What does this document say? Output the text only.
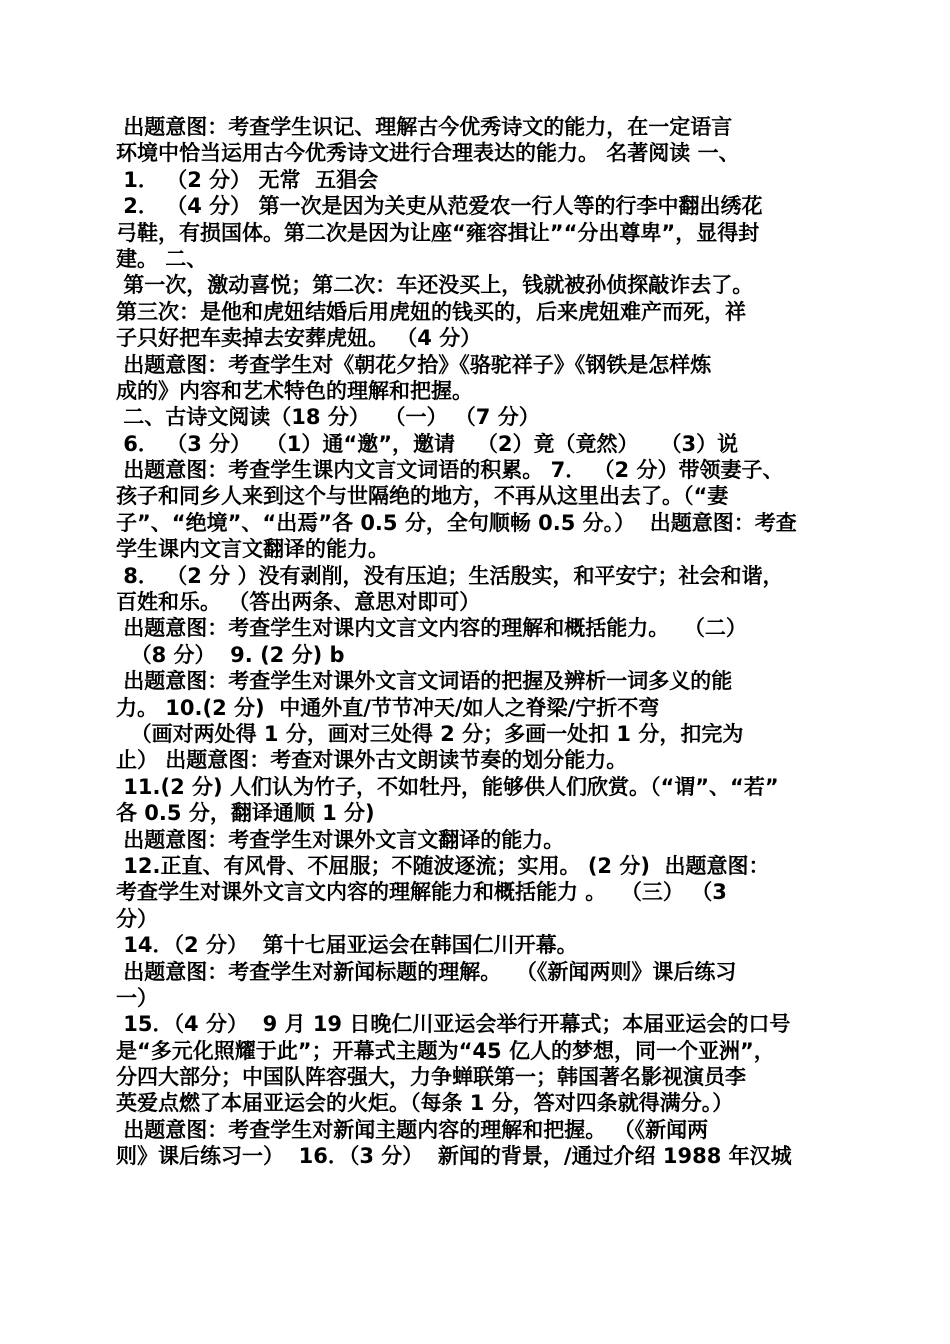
出题意图：考查学生识记、理解古今优秀诗文的能力，在一定语言
环境中恰当运用古今优秀诗文进行合理表达的能力。 名著阅读 一、
1． （2 分） 无常  五猖会
2． （4 分） 第一次是因为关吏从范爱农一行人等的行李中翻出绣花
弓鞋，有损国体。第二次是因为让座“雍容揖让”“分出尊卑”，显得封
建。 二、
第一次，激动喜悦；第二次：车还没买上，钱就被孙侦探敲诈去了。
第三次：是他和虎妞结婚后用虎妞的钱买的，后来虎妞难产而死，祥
子只好把车卖掉去安葬虎妞。 （4 分）
出题意图：考查学生对《朝花夕拾》《骆驼祥子》《钢铁是怎样炼
成的》内容和艺术特色的理解和把握。
二、古诗文阅读（18 分）  （一） （7 分）
6． （3 分）  （1）通“邀”，邀请   （2）竟（竟然）   （3）说
出题意图：考查学生课内文言文词语的积累。 7． （2 分）带领妻子、
孩子和同乡人来到这个与世隔绝的地方，不再从这里出去了。（“妻
子”、“绝境”、“出焉”各 0.5 分，全句顺畅 0.5 分。）  出题意图：考查
学生课内文言文翻译的能力。
8． （2 分 ）没有剥削，没有压迫；生活殷实，和平安宁；社会和谐，
百姓和乐。 （答出两条、意思对即可）
出题意图：考查学生对课内文言文内容的理解和概括能力。  （二）
（8 分）  9. (2 分) b
出题意图：考查学生对课外文言文词语的把握及辨析一词多义的能
力。 10.(2 分)  中通外直/节节冲天/如人之脊梁/宁折不弯
（画对两处得 1 分，画对三处得 2 分；多画一处扣 1 分，扣完为
止） 出题意图：考查对课外古文朗读节奏的划分能力。
11.(2 分) 人们认为竹子，不如牡丹，能够供人们欣赏。（“谓”、“若”
各 0.5 分，翻译通顺 1 分)
出题意图：考查学生对课外文言文翻译的能力。
12.正直、有风骨、不屈服；不随波逐流；实用。 (2 分)  出题意图：
考查学生对课外文言文内容的理解能力和概括能力 。  （三） （3
分）
14．（2 分）  第十七届亚运会在韩国仁川开幕。
出题意图：考查学生对新闻标题的理解。  （《新闻两则》课后练习
一）
15．（4 分）  9 月 19 日晚仁川亚运会举行开幕式；本届亚运会的口号
是“多元化照耀于此”；开幕式主题为“45 亿人的梦想，同一个亚洲”，
分四大部分；中国队阵容强大，力争蝉联第一；韩国著名影视演员李
英爱点燃了本届亚运会的火炬。（每条 1 分，答对四条就得满分。）
出题意图：考查学生对新闻主题内容的理解和把握。 （《新闻两
则》课后练习一）  16．（3 分）  新闻的背景，/通过介绍 1988 年汉城
